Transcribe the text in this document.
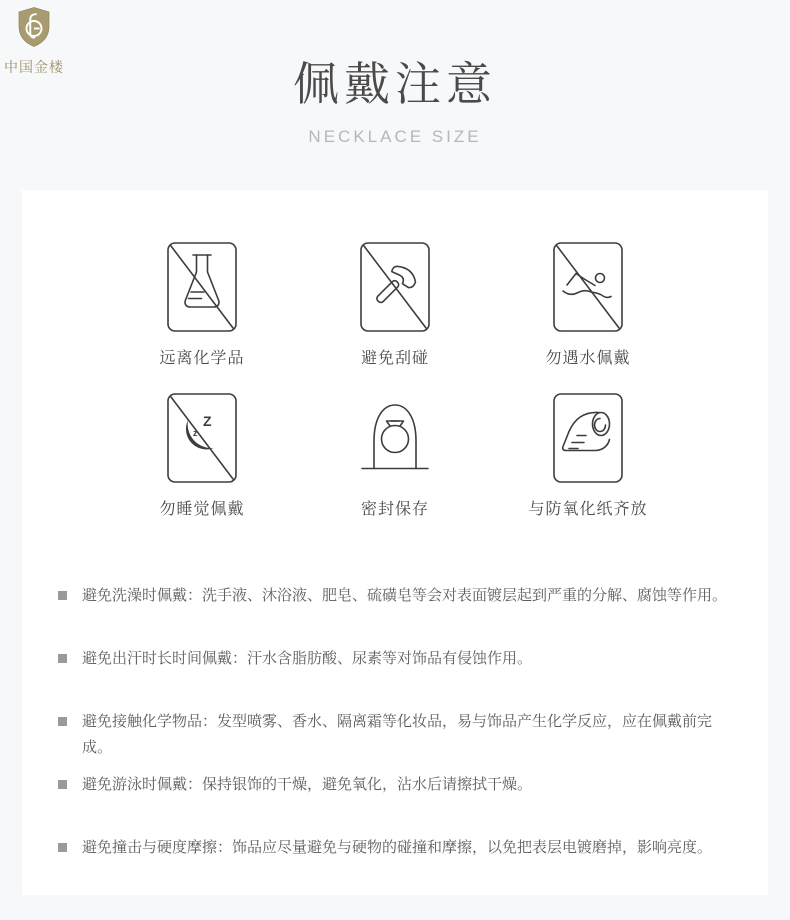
中国金楼	佩戴注意
NECKLACE SIZE
远离化学品	避免刮碰	勿遇水佩戴
Z
z
勿睡觉佩戴	密封保存	与防氧化纸齐放
避免洗澡时佩戴：洗手液、沐浴液、肥皂、硫磺皂等会对表面镀层起到严重的分解、腐蚀等作用。
避免出汗时长时间佩戴：汗水含脂肪酸、尿素等对饰品有侵蚀作用。
避免接触化学物品：发型喷雾、香水、隔离霜等化妆品，易与饰品产生化学反应，应在佩戴前完成。
避免游泳时佩戴：保持银饰的干燥，避免氧化，沾水后请擦拭干燥。
避免撞击与硬度摩擦：饰品应尽量避免与硬物的碰撞和摩擦，以免把表层电镀磨掉，影响亮度。
